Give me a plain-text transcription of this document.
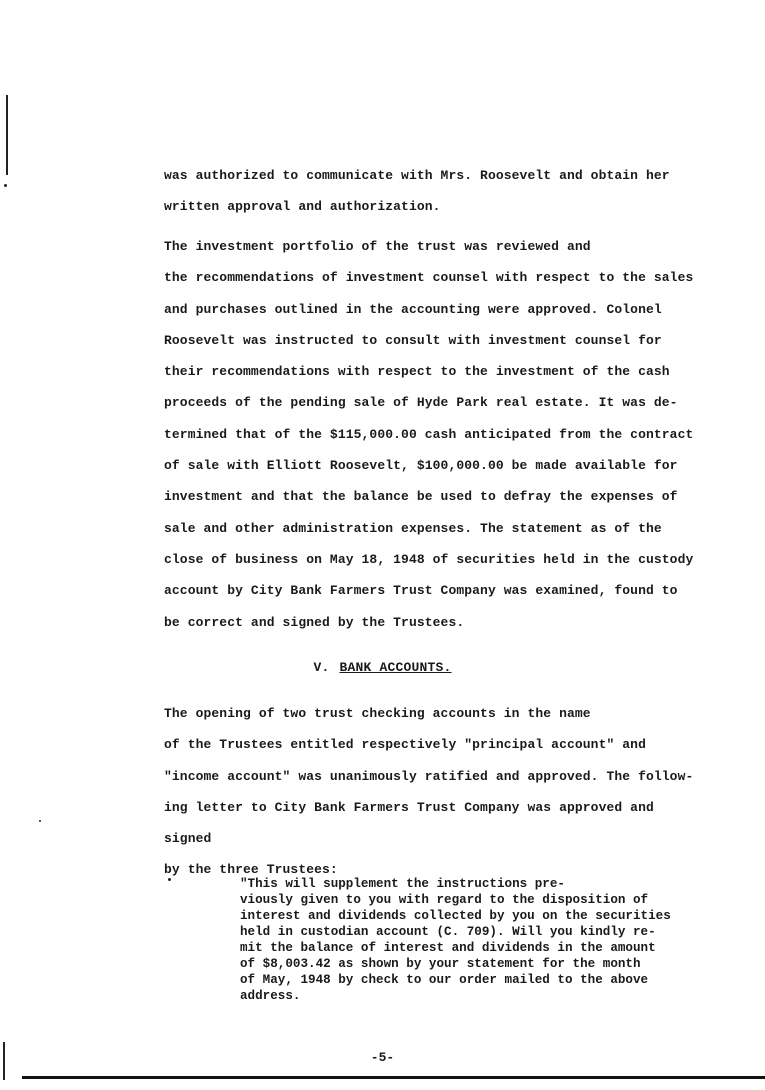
was authorized to communicate with Mrs. Roosevelt and obtain her
written approval and authorization.
The investment portfolio of the trust was reviewed and
the recommendations of investment counsel with respect to the sales
and purchases outlined in the accounting were approved. Colonel
Roosevelt was instructed to consult with investment counsel for
their recommendations with respect to the investment of the cash
proceeds of the pending sale of Hyde Park real estate. It was de-
termined that of the $115,000.00 cash anticipated from the contract
of sale with Elliott Roosevelt, $100,000.00 be made available for
investment and that the balance be used to defray the expenses of
sale and other administration expenses. The statement as of the
close of business on May 18, 1948 of securities held in the custody
account by City Bank Farmers Trust Company was examined, found to
be correct and signed by the Trustees.
V. BANK ACCOUNTS.
The opening of two trust checking accounts in the name
of the Trustees entitled respectively "principal account" and
"income account" was unanimously ratified and approved. The follow-
ing letter to City Bank Farmers Trust Company was approved and signed
by the three Trustees:
"This will supplement the instructions pre-
viously given to you with regard to the disposition of
interest and dividends collected by you on the securities
held in custodian account (C. 709). Will you kindly re-
mit the balance of interest and dividends in the amount
of $8,003.42 as shown by your statement for the month
of May, 1948 by check to our order mailed to the above
address.
-5-
